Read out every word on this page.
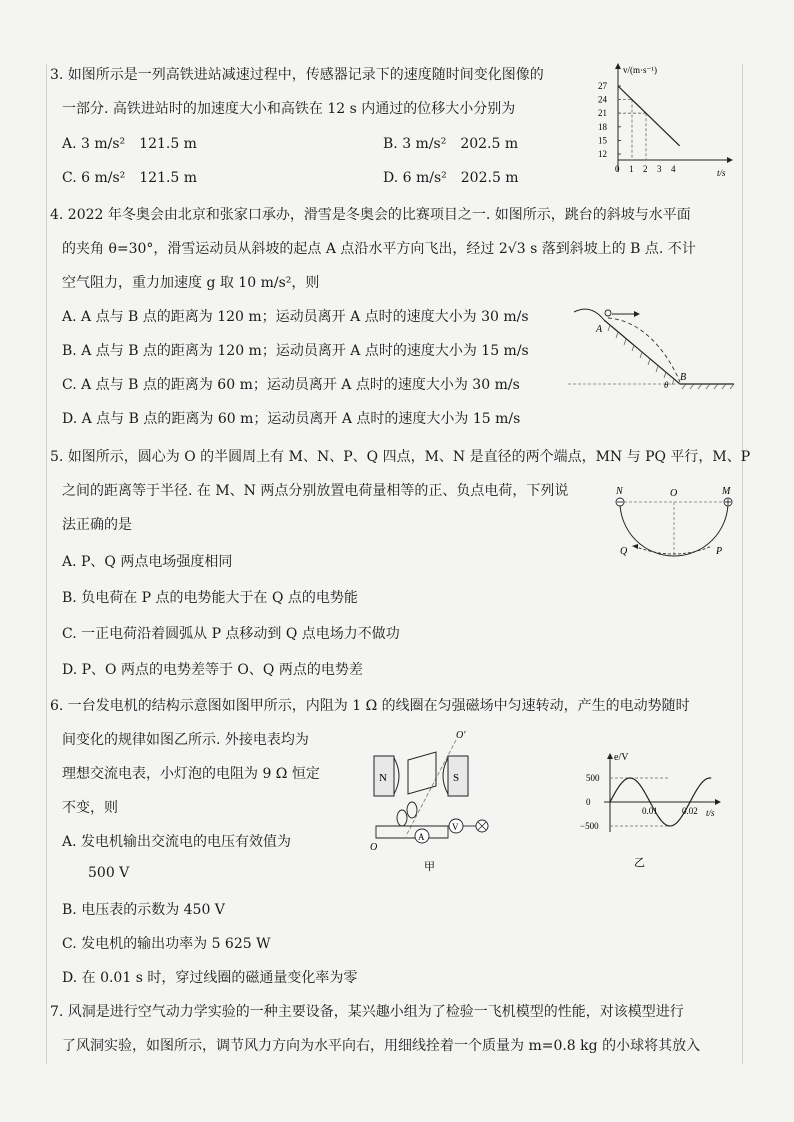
3. 如图所示是一列高铁进站减速过程中，传感器记录下的速度随时间变化图像的
一部分. 高铁进站时的加速度大小和高铁在 12 s 内通过的位移大小分别为
A. 3 m/s²　121.5 m	B. 3 m/s²　202.5 m
C. 6 m/s²　121.5 m	D. 6 m/s²　202.5 m
v/(m·s⁻¹)
t/s
27
24
21
18
15
12
0 1 2 3 4
4. 2022 年冬奥会由北京和张家口承办，滑雪是冬奥会的比赛项目之一. 如图所示，跳台的斜坡与水平面
的夹角 θ=30°，滑雪运动员从斜坡的起点 A 点沿水平方向飞出，经过 2√3 s 落到斜坡上的 B 点. 不计
空气阻力，重力加速度 g 取 10 m/s²，则
A. A 点与 B 点的距离为 120 m；运动员离开 A 点时的速度大小为 30 m/s
B. A 点与 B 点的距离为 120 m；运动员离开 A 点时的速度大小为 15 m/s
C. A 点与 B 点的距离为 60 m；运动员离开 A 点时的速度大小为 30 m/s
D. A 点与 B 点的距离为 60 m；运动员离开 A 点时的速度大小为 15 m/s
A
B
θ
5. 如图所示，圆心为 O 的半圆周上有 M、N、P、Q 四点，M、N 是直径的两个端点，MN 与 PQ 平行，M、P
之间的距离等于半径. 在 M、N 两点分别放置电荷量相等的正、负点电荷，下列说
法正确的是
A. P、Q 两点电场强度相同
B. 负电荷在 P 点的电势能大于在 Q 点的电势能
C. 一正电荷沿着圆弧从 P 点移动到 Q 点电场力不做功
D. P、O 两点的电势差等于 O、Q 两点的电势差
N	O	M
Q	P
6. 一台发电机的结构示意图如图甲所示，内阻为 1 Ω 的线圈在匀强磁场中匀速转动，产生的电动势随时
间变化的规律如图乙所示. 外接电表均为
理想交流电表，小灯泡的电阻为 9 Ω 恒定
不变，则
A. 发电机输出交流电的电压有效值为
500 V
B. 电压表的示数为 450 V
C. 发电机的输出功率为 5 625 W
D. 在 0.01 s 时，穿过线圈的磁通量变化率为零
O′
N	S
A
V
O
甲
e/V
t/s
500
0
−500
0.01	0.02
乙
7. 风洞是进行空气动力学实验的一种主要设备，某兴趣小组为了检验一飞机模型的性能，对该模型进行
了风洞实验，如图所示，调节风力方向为水平向右，用细线拴着一个质量为 m=0.8 kg 的小球将其放入
